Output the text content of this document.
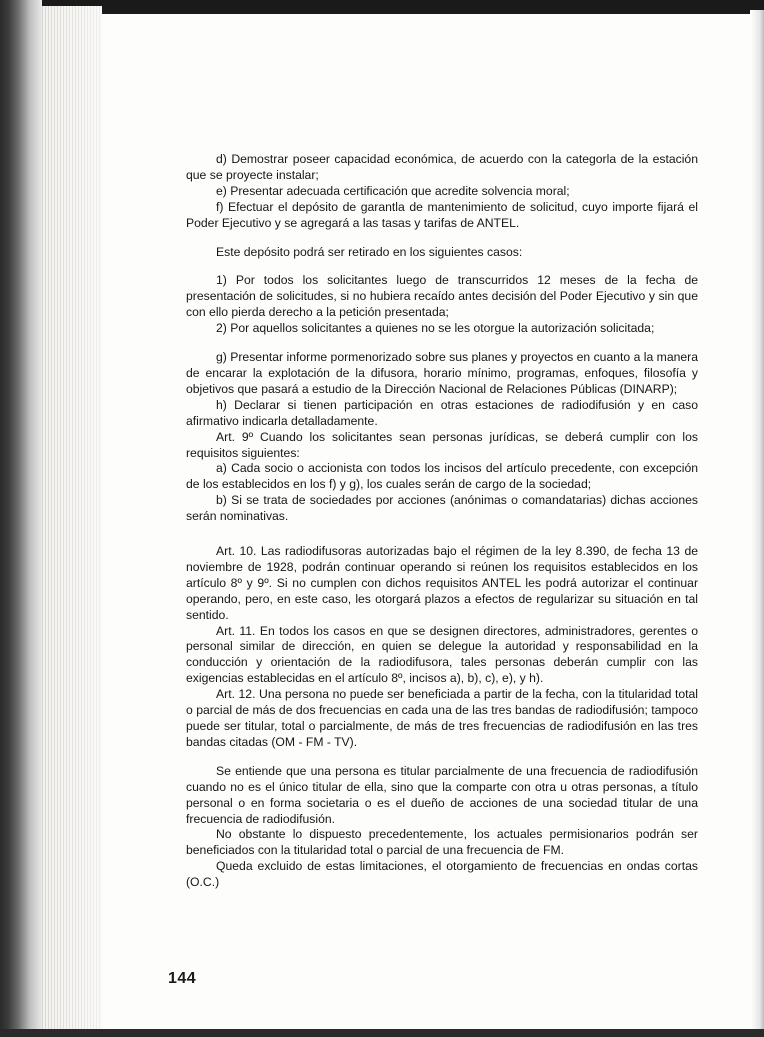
d) Demostrar poseer capacidad económica, de acuerdo con la categorla de la estación que se proyecte instalar;

e) Presentar adecuada certificación que acredite solvencia moral;

f) Efectuar el depósito de garantla de mantenimiento de solicitud, cuyo importe fijará el Poder Ejecutivo y se agregará a las tasas y tarifas de ANTEL.

Este depósito podrá ser retirado en los siguientes casos:

1) Por todos los solicitantes luego de transcurridos 12 meses de la fecha de presentación de solicitudes, si no hubiera recaído antes decisión del Poder Ejecutivo y sin que con ello pierda derecho a la petición presentada;

2) Por aquellos solicitantes a quienes no se les otorgue la autorización solicitada;

g) Presentar informe pormenorizado sobre sus planes y proyectos en cuanto a la manera de encarar la explotación de la difusora, horario mínimo, programas, enfoques, filosofía y objetivos que pasará a estudio de la Dirección Nacional de Relaciones Públicas (DINARP);

h) Declarar si tienen participación en otras estaciones de radiodifusión y en caso afirmativo indicarla detalladamente.

Art. 9º Cuando los solicitantes sean personas jurídicas, se deberá cumplir con los requisitos siguientes:

a) Cada socio o accionista con todos los incisos del artículo precedente, con excepción de los establecidos en los f) y g), los cuales serán de cargo de la sociedad;

b) Si se trata de sociedades por acciones (anónimas o comandatarias) dichas acciones serán nominativas.

Art. 10. Las radiodifusoras autorizadas bajo el régimen de la ley 8.390, de fecha 13 de noviembre de 1928, podrán continuar operando si reúnen los requisitos establecidos en los artículo 8º y 9º. Si no cumplen con dichos requisitos ANTEL les podrá autorizar el continuar operando, pero, en este caso, les otorgará plazos a efectos de regularizar su situación en tal sentido.

Art. 11. En todos los casos en que se designen directores, administradores, gerentes o personal similar de dirección, en quien se delegue la autoridad y responsabilidad en la conducción y orientación de la radiodifusora, tales personas deberán cumplir con las exigencias establecidas en el artículo 8º, incisos a), b), c), e), y h).

Art. 12. Una persona no puede ser beneficiada a partir de la fecha, con la titularidad total o parcial de más de dos frecuencias en cada una de las tres bandas de radiodifusión; tampoco puede ser titular, total o parcialmente, de más de tres frecuencias de radiodifusión en las tres bandas citadas (OM - FM - TV).

Se entiende que una persona es titular parcialmente de una frecuencia de radiodifusión cuando no es el único titular de ella, sino que la comparte con otra u otras personas, a título personal o en forma societaria o es el dueño de acciones de una sociedad titular de una frecuencia de radiodifusión.

No obstante lo dispuesto precedentemente, los actuales permisionarios podrán ser beneficiados con la titularidad total o parcial de una frecuencia de FM.

Queda excluido de estas limitaciones, el otorgamiento de frecuencias en ondas cortas (O.C.)

144
